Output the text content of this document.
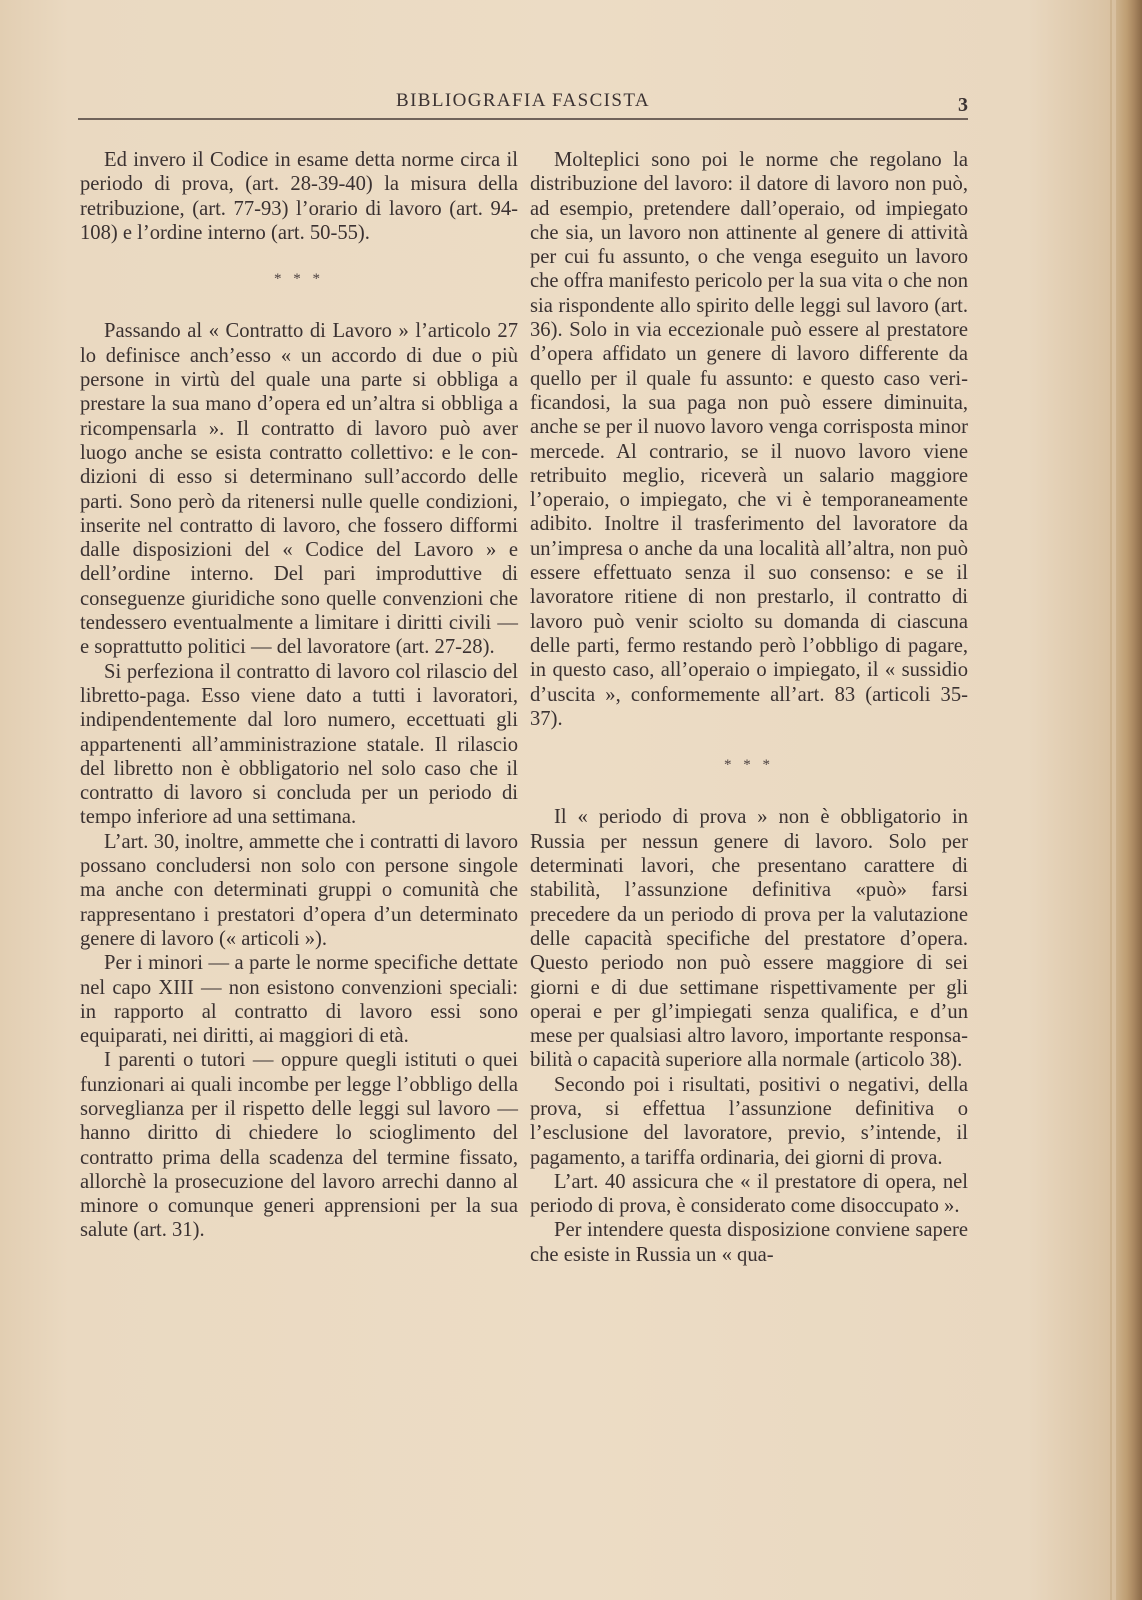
BIBLIOGRAFIA FASCISTA	3

Ed invero il Codice in esame detta norme circa il periodo di prova, (art. 28-39-40) la misura della retribuzione, (art. 77-93) l’orario di lavoro (art. 94-108) e l’ordine interno (art. 50-55).

* * *

Passando al « Contratto di Lavoro » l’articolo 27 lo definisce anch’esso « un accordo di due o più persone in virtù del quale una parte si obbliga a prestare la sua mano d’opera ed un’altra si obbliga a ricompensarla ». Il contratto di lavoro può aver luogo anche se esista contratto collettivo: e le condizioni di esso si determinano sull’accordo delle parti. Sono però da ritenersi nulle quelle condizioni, inserite nel contratto di lavoro, che fossero difformi dalle disposizioni del « Codice del Lavoro » e dell’ordine interno. Del pari improduttive di conseguenze giuridiche sono quelle convenzioni che tendessero eventualmente a limitare i diritti civili — e soprattutto politici — del lavoratore (art. 27-28).

Si perfeziona il contratto di lavoro col rilascio del libretto-paga. Esso viene dato a tutti i lavoratori, indipendentemente dal loro numero, eccettuati gli appartenenti all’amministrazione statale. Il rilascio del libretto non è obbligatorio nel solo caso che il contratto di lavoro si concluda per un periodo di tempo inferiore ad una settimana.

L’art. 30, inoltre, ammette che i contratti di lavoro possano concludersi non solo con persone singole ma anche con determinati gruppi o comunità che rappresentano i prestatori d’opera d’un determinato genere di lavoro (« articoli »).

Per i minori — a parte le norme specifiche dettate nel capo XIII — non esistono convenzioni speciali: in rapporto al contratto di lavoro essi sono equiparati, nei diritti, ai maggiori di età.

I parenti o tutori — oppure quegli istituti o quei funzionari ai quali incombe per legge l’obbligo della sorveglianza per il rispetto delle leggi sul lavoro — hanno diritto di chiedere lo scioglimento del contratto prima della scadenza del termine fissato, allorchè la prosecuzione del lavoro arrechi danno al minore o comunque generi apprensioni per la sua salute (art. 31).

Molteplici sono poi le norme che regolano la distribuzione del lavoro: il datore di lavoro non può, ad esempio, pretendere dall’operaio, od impiegato che sia, un lavoro non attinente al genere di attività per cui fu assunto, o che venga eseguito un lavoro che offra manifesto pericolo per la sua vita o che non sia rispondente allo spirito delle leggi sul lavoro (art. 36). Solo in via eccezionale può essere al prestatore d’opera affidato un genere di lavoro differente da quello per il quale fu assunto: e questo caso verificandosi, la sua paga non può essere diminuita, anche se per il nuovo lavoro venga corrisposta minor mercede. Al contrario, se il nuovo lavoro viene retribuito meglio, riceverà un salario maggiore l’operaio, o impiegato, che vi è temporaneamente adibito. Inoltre il trasferimento del lavoratore da un’impresa o anche da una località all’altra, non può essere effettuato senza il suo consenso: e se il lavoratore ritiene di non prestarlo, il contratto di lavoro può venir sciolto su domanda di ciascuna delle parti, fermo restando però l’obbligo di pagare, in questo caso, all’operaio o impiegato, il « sussidio d’uscita », conformemente all’art. 83 (articoli 35-37).

* * *

Il « periodo di prova » non è obbligatorio in Russia per nessun genere di lavoro. Solo per determinati lavori, che presentano carattere di stabilità, l’assunzione definitiva «può» farsi precedere da un periodo di prova per la valutazione delle capacità specifiche del prestatore d’opera. Questo periodo non può essere maggiore di sei giorni e di due settimane rispettivamente per gli operai e per gl’impiegati senza qualifica, e d’un mese per qualsiasi altro lavoro, importante responsabilità o capacità superiore alla normale (articolo 38).

Secondo poi i risultati, positivi o negativi, della prova, si effettua l’assunzione definitiva o l’esclusione del lavoratore, previo, s’intende, il pagamento, a tariffa ordinaria, dei giorni di prova.

L’art. 40 assicura che « il prestatore di opera, nel periodo di prova, è considerato come disoccupato ».

Per intendere questa disposizione conviene sapere che esiste in Russia un « qua-
